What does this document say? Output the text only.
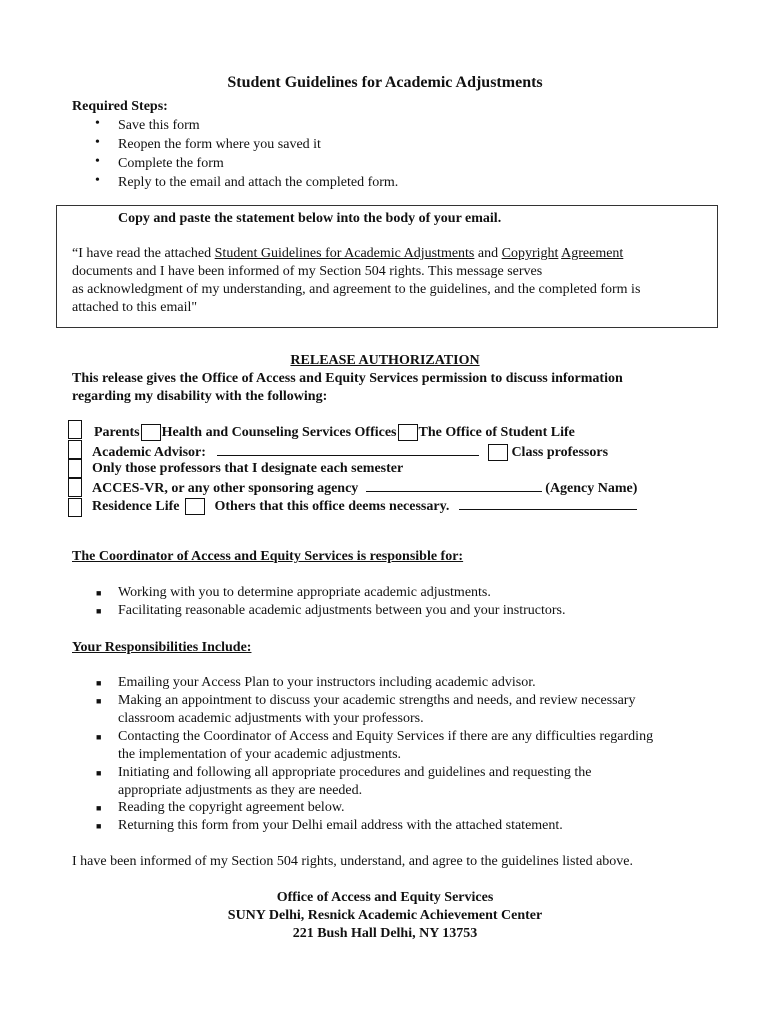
Student Guidelines for Academic Adjustments
Required Steps:
• Save this form
• Reopen the form where you saved it
• Complete the form
• Reply to the email and attach the completed form.
Copy and paste the statement below into the body of your email.
“I have read the attached Student Guidelines for Academic Adjustments and Copyright Agreement
documents and I have been informed of my Section 504 rights. This message serves
as acknowledgment of my understanding, and agreement to the guidelines, and the completed form is
attached to this email"
RELEASE AUTHORIZATION
This release gives the Office of Access and Equity Services permission to discuss information
regarding my disability with the following:
Parents Health and Counseling Services Offices The Office of Student Life
Academic Advisor:	Class professors
Only those professors that I designate each semester
ACCES-VR, or any other sponsoring agency	(Agency Name)
Residence Life	Others that this office deems necessary.
The Coordinator of Access and Equity Services is responsible for:
■ Working with you to determine appropriate academic adjustments.
■ Facilitating reasonable academic adjustments between you and your instructors.
Your Responsibilities Include:
■ Emailing your Access Plan to your instructors including academic advisor.
■ Making an appointment to discuss your academic strengths and needs, and review necessary
classroom academic adjustments with your professors.
■ Contacting the Coordinator of Access and Equity Services if there are any difficulties regarding
the implementation of your academic adjustments.
■ Initiating and following all appropriate procedures and guidelines and requesting the
appropriate adjustments as they are needed.
■ Reading the copyright agreement below.
■ Returning this form from your Delhi email address with the attached statement.
I have been informed of my Section 504 rights, understand, and agree to the guidelines listed above.
Office of Access and Equity Services
SUNY Delhi, Resnick Academic Achievement Center
221 Bush Hall Delhi, NY 13753
